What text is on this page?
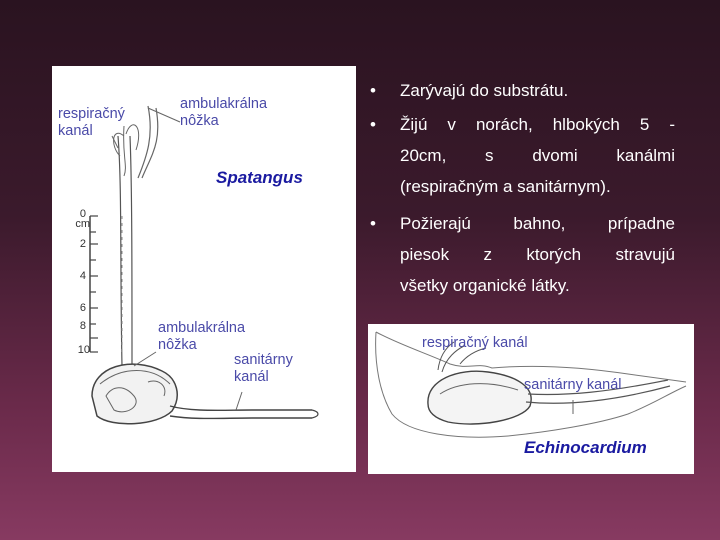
respiračný
kanál
ambulakrálna
nôžka
Spatangus
cm
0
2
4
6
8
10
ambulakrálna
nôžka
sanitárny
kanál
respiračný kanál
sanitárny kanál
Echinocardium
• Zarývajú do substrátu.
• Žijú v norách, hlbokých 5 -
20cm, s dvomi kanálmi
(respiračným a sanitárnym).
• Požierajú bahno, prípadne
piesok z ktorých stravujú
všetky organické látky.
